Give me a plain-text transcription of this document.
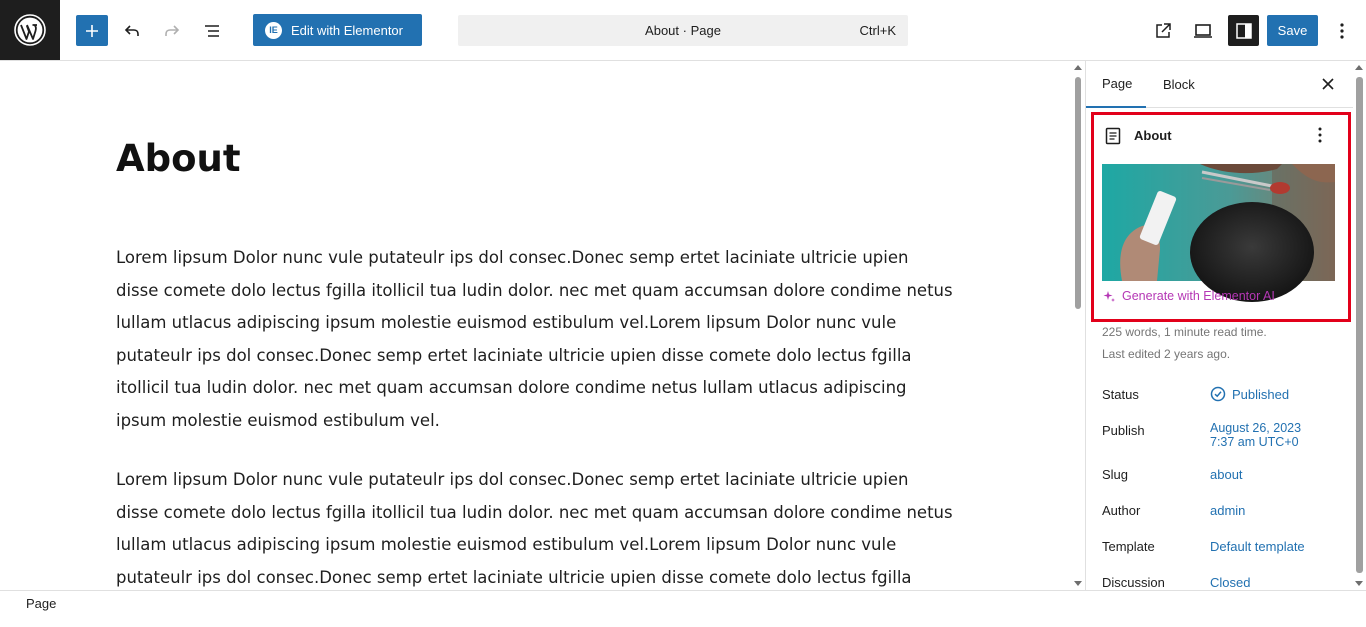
IE	Edit with Elementor	About · Page	Ctrl+K	Save
About
Lorem lipsum Dolor nunc vule putateulr ips dol consec.Donec semp ertet laciniate ultricie upien disse comete dolo lectus fgilla itollicil tua ludin dolor. nec met quam accumsan dolore condime netus lullam utlacus adipiscing ipsum molestie euismod estibulum vel.Lorem lipsum Dolor nunc vule putateulr ips dol consec.Donec semp ertet laciniate ultricie upien disse comete dolo lectus fgilla itollicil tua ludin dolor. nec met quam accumsan dolore condime netus lullam utlacus adipiscing ipsum molestie euismod estibulum vel.
Lorem lipsum Dolor nunc vule putateulr ips dol consec.Donec semp ertet laciniate ultricie upien disse comete dolo lectus fgilla itollicil tua ludin dolor. nec met quam accumsan dolore condime netus lullam utlacus adipiscing ipsum molestie euismod estibulum vel.Lorem lipsum Dolor nunc vule putateulr ips dol consec.Donec semp ertet laciniate ultricie upien disse comete dolo lectus fgilla
Page	Block
About
Generate with Elementor AI
225 words, 1 minute read time.
Last edited 2 years ago.
Status	Published
Publish	August 26, 2023
7:37 am UTC+0
Slug	about
Author	admin
Template	Default template
Discussion	Closed
Page
